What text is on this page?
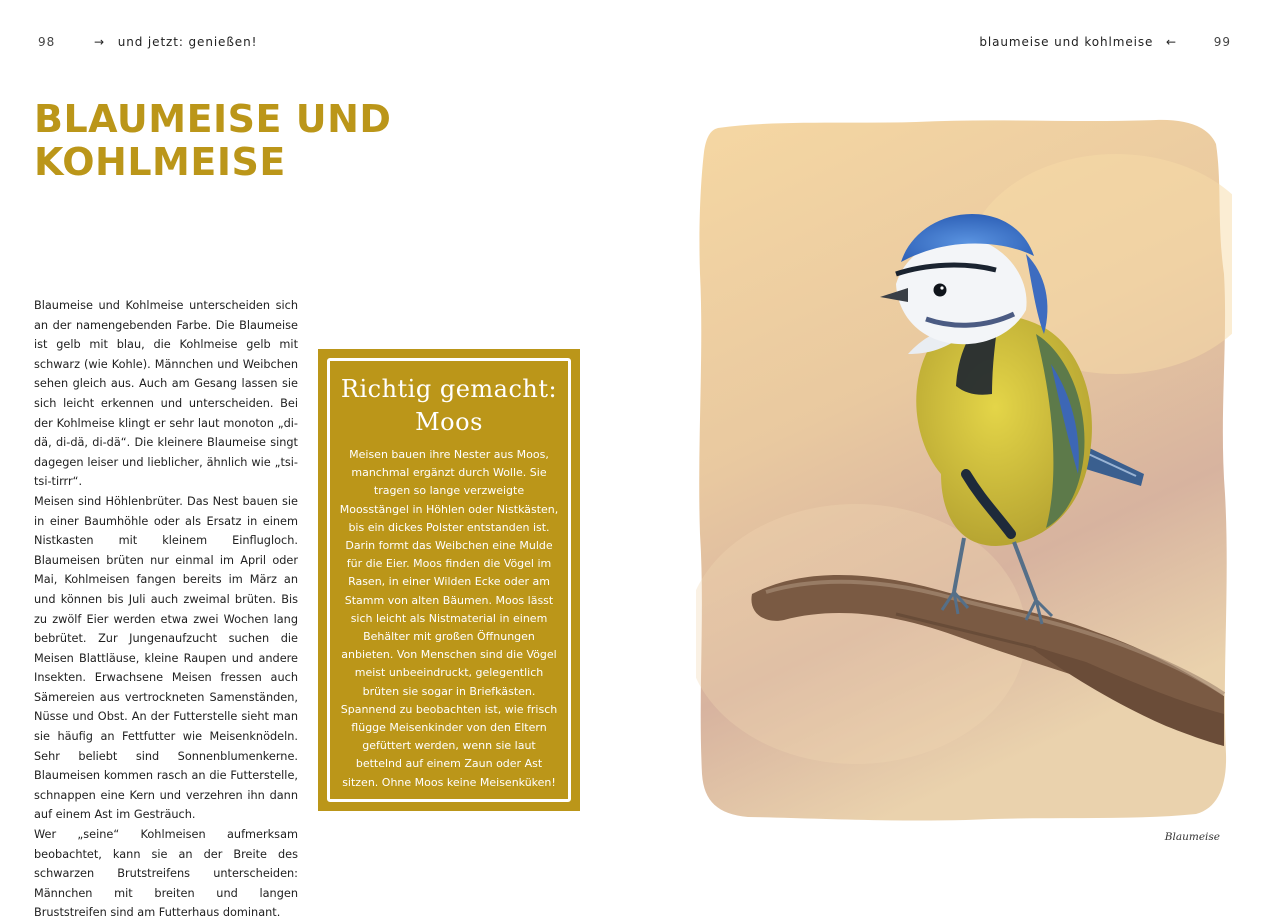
98	→ und jetzt: genießen!	blaumeise und kohlmeise ←	99
BLAUMEISE UND
KOHLMEISE

Blaumeise und Kohlmeise unterscheiden sich an der namengebenden Farbe. Die Blaumeise ist gelb mit blau, die Kohlmeise gelb mit schwarz (wie Kohle). Männchen und Weibchen sehen gleich aus. Auch am Gesang lassen sie sich leicht erkennen und unterscheiden. Bei der Kohlmeise klingt er sehr laut monoton „di-dä, di-dä, di-dä“. Die kleinere Blaumeise singt dagegen leiser und lieblicher, ähnlich wie „tsi-tsi-tirrr“.

Meisen sind Höhlenbrüter. Das Nest bauen sie in einer Baumhöhle oder als Ersatz in einem Nistkasten mit kleinem Einflugloch. Blaumeisen brüten nur einmal im April oder Mai, Kohlmeisen fangen bereits im März an und können bis Juli auch zweimal brüten. Bis zu zwölf Eier werden etwa zwei Wochen lang bebrütet. Zur Jungenaufzucht suchen die Meisen Blattläuse, kleine Raupen und andere Insekten. Erwachsene Meisen fressen auch Sämereien aus vertrockneten Samenständen, Nüsse und Obst. An der Futterstelle sieht man sie häufig an Fettfutter wie Meisenknödeln. Sehr beliebt sind Sonnenblumenkerne. Blaumeisen kommen rasch an die Futterstelle, schnappen eine Kern und verzehren ihn dann auf einem Ast im Gesträuch.

Wer „seine“ Kohlmeisen aufmerksam beobachtet, kann sie an der Breite des schwarzen Brutstreifens unterscheiden: Männchen mit breiten und langen Bruststreifen sind am Futterhaus dominant.

Richtig gemacht:
Moos
Meisen bauen ihre Nester aus Moos, manchmal ergänzt durch Wolle. Sie tragen so lange verzweigte Moosstängel in Höhlen oder Nistkästen, bis ein dickes Polster entstanden ist. Darin formt das Weibchen eine Mulde für die Eier. Moos finden die Vögel im Rasen, in einer Wilden Ecke oder am Stamm von alten Bäumen. Moos lässt sich leicht als Nistmaterial in einem Behälter mit großen Öffnungen anbieten. Von Menschen sind die Vögel meist unbeeindruckt, gelegentlich brüten sie sogar in Briefkästen. Spannend zu beobachten ist, wie frisch flügge Meisenkinder von den Eltern gefüttert werden, wenn sie laut bettelnd auf einem Zaun oder Ast sitzen. Ohne Moos keine Meisenküken!
Blaumeise
